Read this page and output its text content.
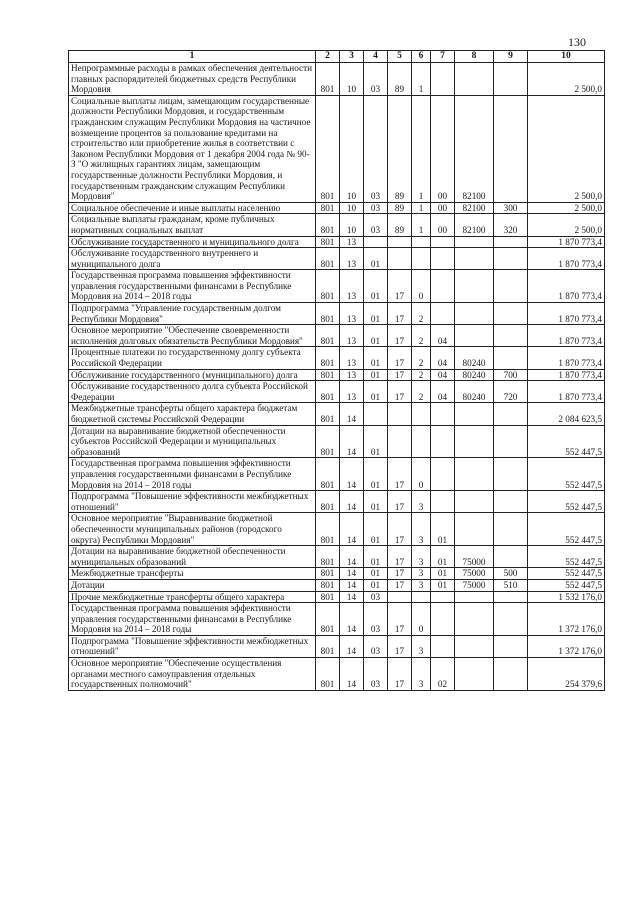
130
1	2	3	4	5	6	7	8	9	10
Непрограммные расходы в рамках обеспечения деятельности главных распорядителей бюджетных средств Республики Мордовия	801	10	03	89	1				2 500,0
Социальные выплаты лицам, замещающим государственные должности Республики Мордовия, и государственным гражданским служащим Республики Мордовия на частичное возмещение процентов за пользование кредитами на строительство или приобретение жилья в соответствии с Законом Республики Мордовия от 1 декабря 2004 года № 90-З "О жилищных гарантиях лицам, замещающим государственные должности Республики Мордовия, и государственным гражданским служащим Республики Мордовия"	801	10	03	89	1	00	82100		2 500,0
Социальное обеспечение и иные выплаты населению	801	10	03	89	1	00	82100	300	2 500,0
Социальные выплаты гражданам, кроме публичных нормативных социальных выплат	801	10	03	89	1	00	82100	320	2 500,0
Обслуживание государственного и муниципального долга	801	13							1 870 773,4
Обслуживание государственного внутреннего и муниципального долга	801	13	01						1 870 773,4
Государственная программа повышения эффективности управления государственными финансами в Республике Мордовия на 2014 – 2018 годы	801	13	01	17	0				1 870 773,4
Подпрограмма "Управление государственным долгом Республики Мордовия"	801	13	01	17	2				1 870 773,4
Основное мероприятие "Обеспечение своевременности исполнения долговых обязательств Республики Мордовия"	801	13	01	17	2	04			1 870 773,4
Процентные платежи по государственному долгу субъекта Российской Федерации	801	13	01	17	2	04	80240		1 870 773,4
Обслуживание государственного (муниципального) долга	801	13	01	17	2	04	80240	700	1 870 773,4
Обслуживание государственного долга субъекта Российской Федерации	801	13	01	17	2	04	80240	720	1 870 773,4
Межбюджетные трансферты общего характера бюджетам бюджетной системы Российской Федерации	801	14							2 084 623,5
Дотации на выравнивание бюджетной обеспеченности субъектов Российской Федерации и муниципальных образований	801	14	01						552 447,5
Государственная программа повышения эффективности управления государственными финансами в Республике Мордовия на 2014 – 2018 годы	801	14	01	17	0				552 447,5
Подпрограмма "Повышение эффективности межбюджетных отношений"	801	14	01	17	3				552 447,5
Основное мероприятие "Выравнивание бюджетной обеспеченности муниципальных районов (городского округа) Республики Мордовия"	801	14	01	17	3	01			552 447,5
Дотации на выравнивание бюджетной обеспеченности муниципальных образований	801	14	01	17	3	01	75000		552 447,5
Межбюджетные трансферты	801	14	01	17	3	01	75000	500	552 447,5
Дотации	801	14	01	17	3	01	75000	510	552 447,5
Прочие межбюджетные трансферты общего характера	801	14	03						1 532 176,0
Государственная программа повышения эффективности управления государственными финансами в Республике Мордовия на 2014 – 2018 годы	801	14	03	17	0				1 372 176,0
Подпрограмма "Повышение эффективности межбюджетных отношений"	801	14	03	17	3				1 372 176,0
Основное мероприятие "Обеспечение осуществления органами местного самоуправления отдельных государственных полномочий"	801	14	03	17	3	02			254 379,6
